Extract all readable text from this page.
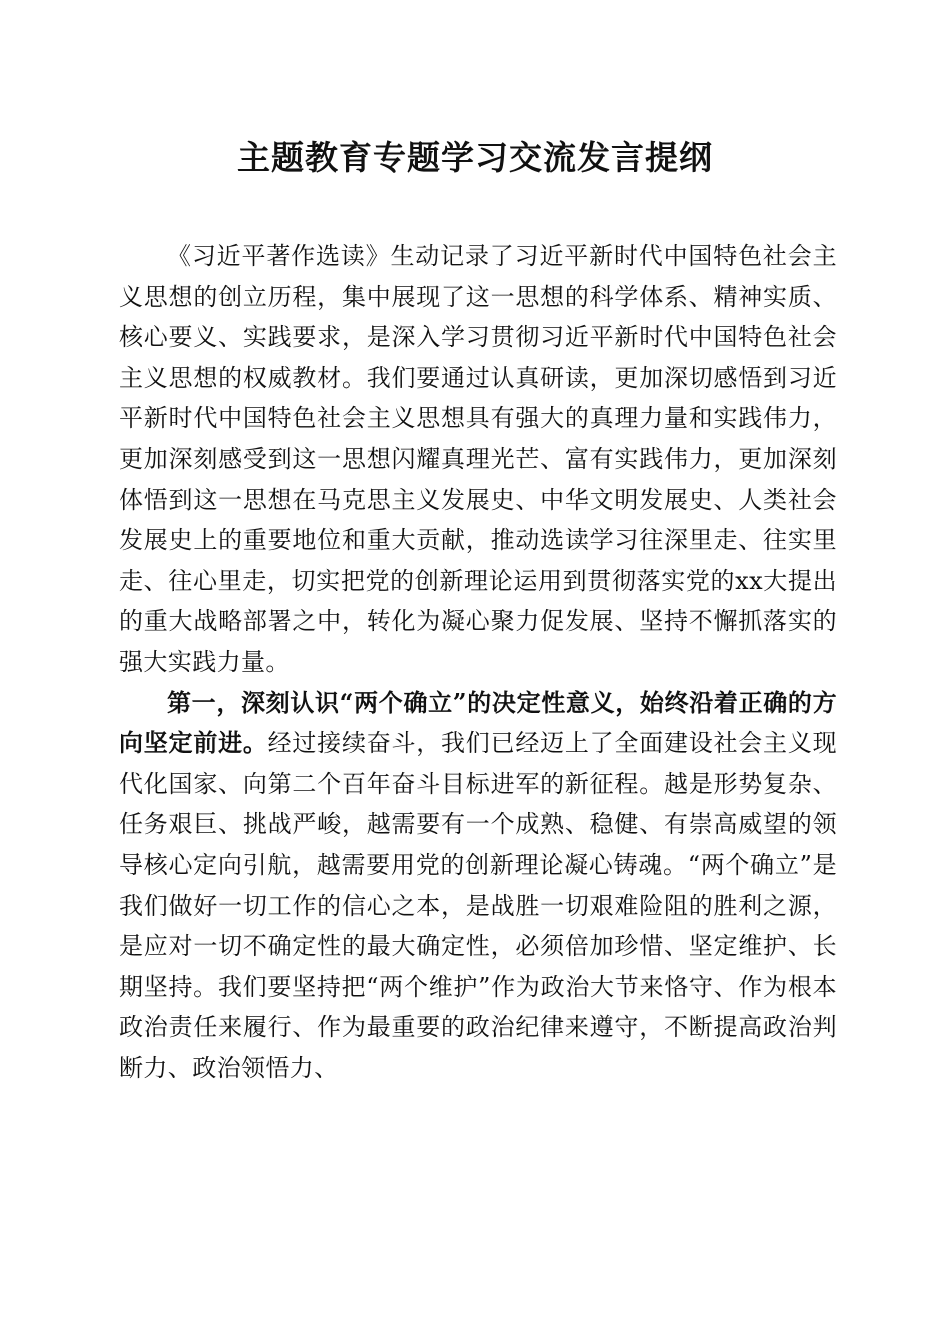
主题教育专题学习交流发言提纲

《习近平著作选读》生动记录了习近平新时代中国特色社会主义思想的创立历程，集中展现了这一思想的科学体系、精神实质、核心要义、实践要求，是深入学习贯彻习近平新时代中国特色社会主义思想的权威教材。我们要通过认真研读，更加深切感悟到习近平新时代中国特色社会主义思想具有强大的真理力量和实践伟力，更加深刻感受到这一思想闪耀真理光芒、富有实践伟力，更加深刻体悟到这一思想在马克思主义发展史、中华文明发展史、人类社会发展史上的重要地位和重大贡献，推动选读学习往深里走、往实里走、往心里走，切实把党的创新理论运用到贯彻落实党的xx大提出的重大战略部署之中，转化为凝心聚力促发展、坚持不懈抓落实的强大实践力量。

第一，深刻认识“两个确立”的决定性意义，始终沿着正确的方向坚定前进。经过接续奋斗，我们已经迈上了全面建设社会主义现代化国家、向第二个百年奋斗目标进军的新征程。越是形势复杂、任务艰巨、挑战严峻，越需要有一个成熟、稳健、有崇高威望的领导核心定向引航，越需要用党的创新理论凝心铸魂。“两个确立”是我们做好一切工作的信心之本，是战胜一切艰难险阻的胜利之源，是应对一切不确定性的最大确定性，必须倍加珍惜、坚定维护、长期坚持。我们要坚持把“两个维护”作为政治大节来恪守、作为根本政治责任来履行、作为最重要的政治纪律来遵守，不断提高政治判断力、政治领悟力、
